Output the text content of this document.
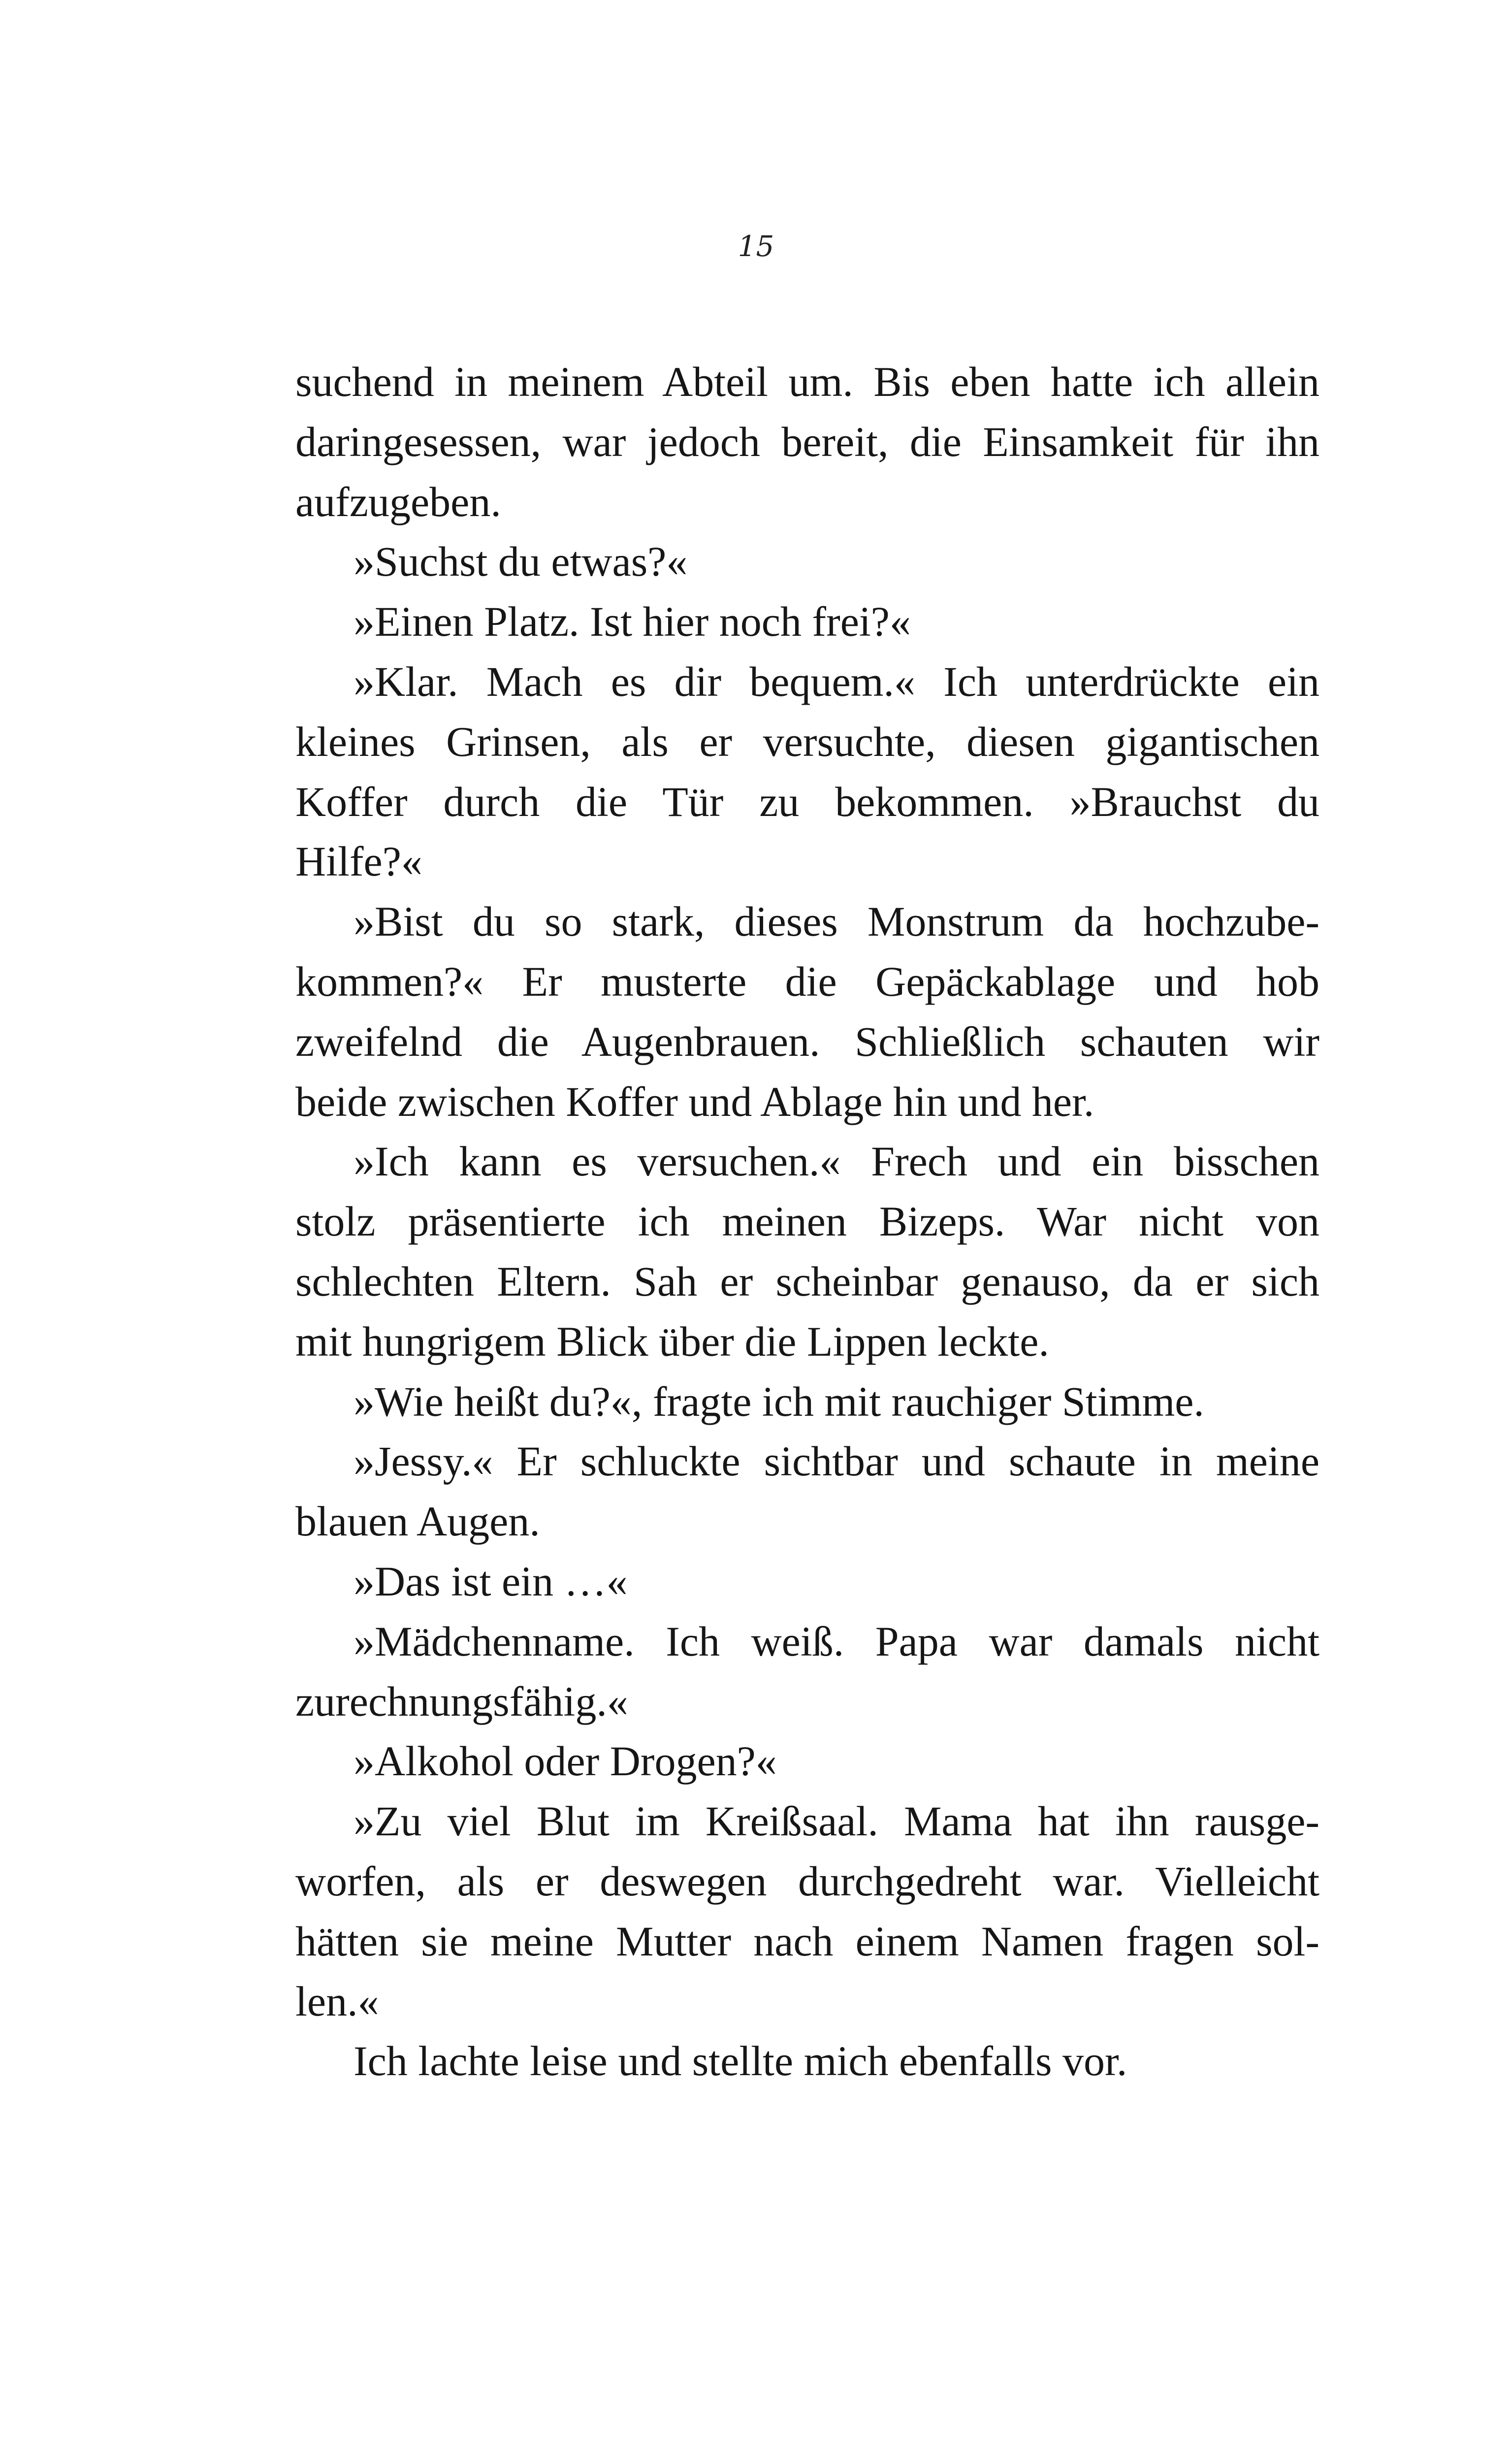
15
suchend in meinem Abteil um. Bis eben hatte ich allein
daringesessen, war jedoch bereit, die Einsamkeit für ihn
aufzugeben.
»Suchst du etwas?«
»Einen Platz. Ist hier noch frei?«
»Klar. Mach es dir bequem.« Ich unterdrückte ein
kleines Grinsen, als er versuchte, diesen gigantischen
Koffer durch die Tür zu bekommen. »Brauchst du
Hilfe?«
»Bist du so stark, dieses Monstrum da hochzube-
kommen?« Er musterte die Gepäckablage und hob
zweifelnd die Augenbrauen. Schließlich schauten wir
beide zwischen Koffer und Ablage hin und her.
»Ich kann es versuchen.« Frech und ein bisschen
stolz präsentierte ich meinen Bizeps. War nicht von
schlechten Eltern. Sah er scheinbar genauso, da er sich
mit hungrigem Blick über die Lippen leckte.
»Wie heißt du?«, fragte ich mit rauchiger Stimme.
»Jessy.« Er schluckte sichtbar und schaute in meine
blauen Augen.
»Das ist ein …«
»Mädchenname. Ich weiß. Papa war damals nicht
zurechnungsfähig.«
»Alkohol oder Drogen?«
»Zu viel Blut im Kreißsaal. Mama hat ihn rausge-
worfen, als er deswegen durchgedreht war. Vielleicht
hätten sie meine Mutter nach einem Namen fragen sol-
len.«
Ich lachte leise und stellte mich ebenfalls vor.
